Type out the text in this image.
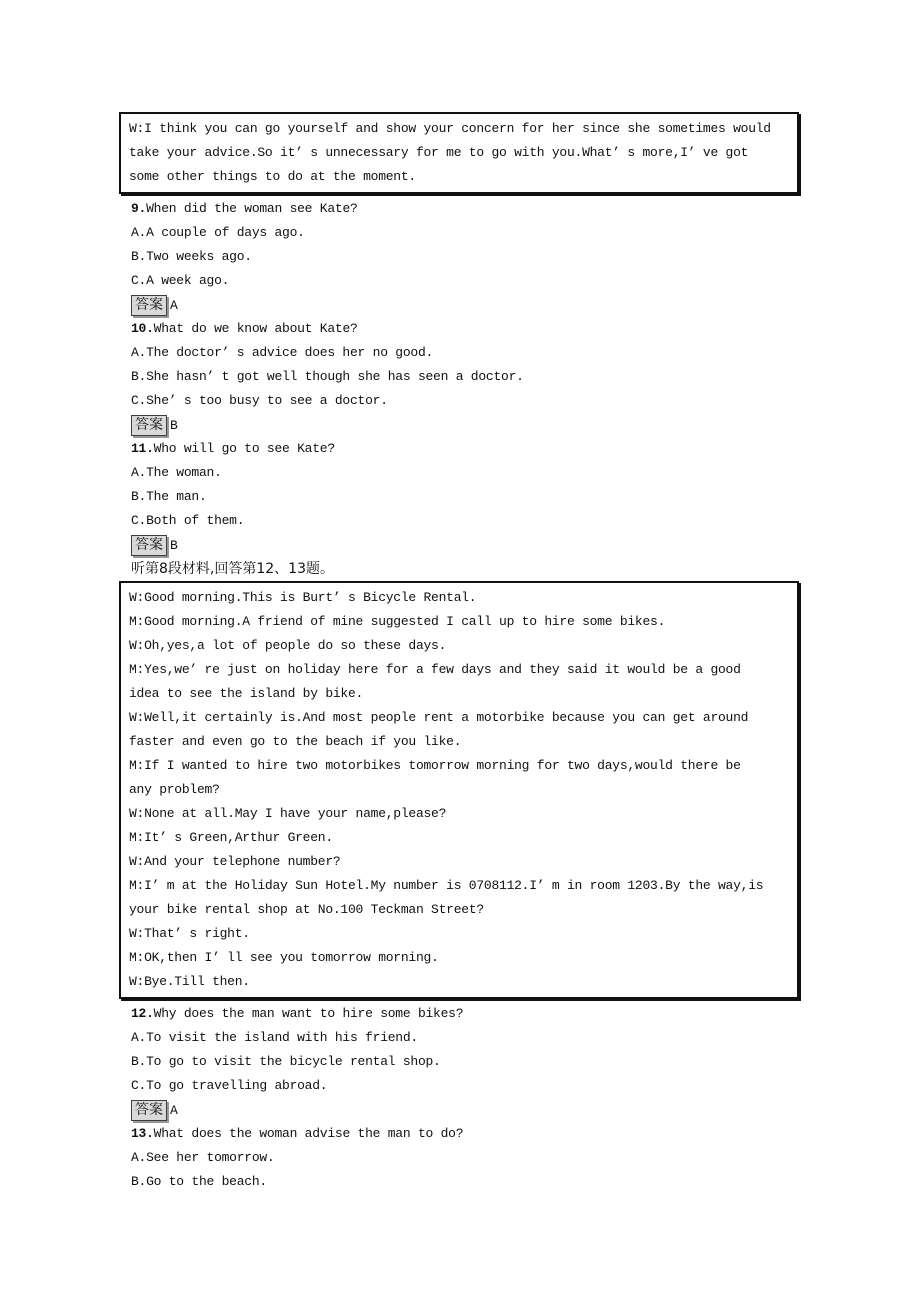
W:I think you can go yourself and show your concern for her since she sometimes would
take your advice.So it’ s unnecessary for me to go with you.What’ s more,I’ ve got
some other things to do at the moment.
9.When did the woman see Kate?
A.A couple of days ago.
B.Two weeks ago.
C.A week ago.
答案 A
10.What do we know about Kate?
A.The doctor’ s advice does her no good.
B.She hasn’ t got well though she has seen a doctor.
C.She’ s too busy to see a doctor.
答案 B
11.Who will go to see Kate?
A.The woman.
B.The man.
C.Both of them.
答案 B
听第8段材料,回答第12、13题。
W:Good morning.This is Burt’ s Bicycle Rental.
M:Good morning.A friend of mine suggested I call up to hire some bikes.
W:Oh,yes,a lot of people do so these days.
M:Yes,we’ re just on holiday here for a few days and they said it would be a good
idea to see the island by bike.
W:Well,it certainly is.And most people rent a motorbike because you can get around
faster and even go to the beach if you like.
M:If I wanted to hire two motorbikes tomorrow morning for two days,would there be
any problem?
W:None at all.May I have your name,please?
M:It’ s Green,Arthur Green.
W:And your telephone number?
M:I’ m at the Holiday Sun Hotel.My number is 0708112.I’ m in room 1203.By the way,is
your bike rental shop at No.100 Teckman Street?
W:That’ s right.
M:OK,then I’ ll see you tomorrow morning.
W:Bye.Till then.
12.Why does the man want to hire some bikes?
A.To visit the island with his friend.
B.To go to visit the bicycle rental shop.
C.To go travelling abroad.
答案 A
13.What does the woman advise the man to do?
A.See her tomorrow.
B.Go to the beach.
